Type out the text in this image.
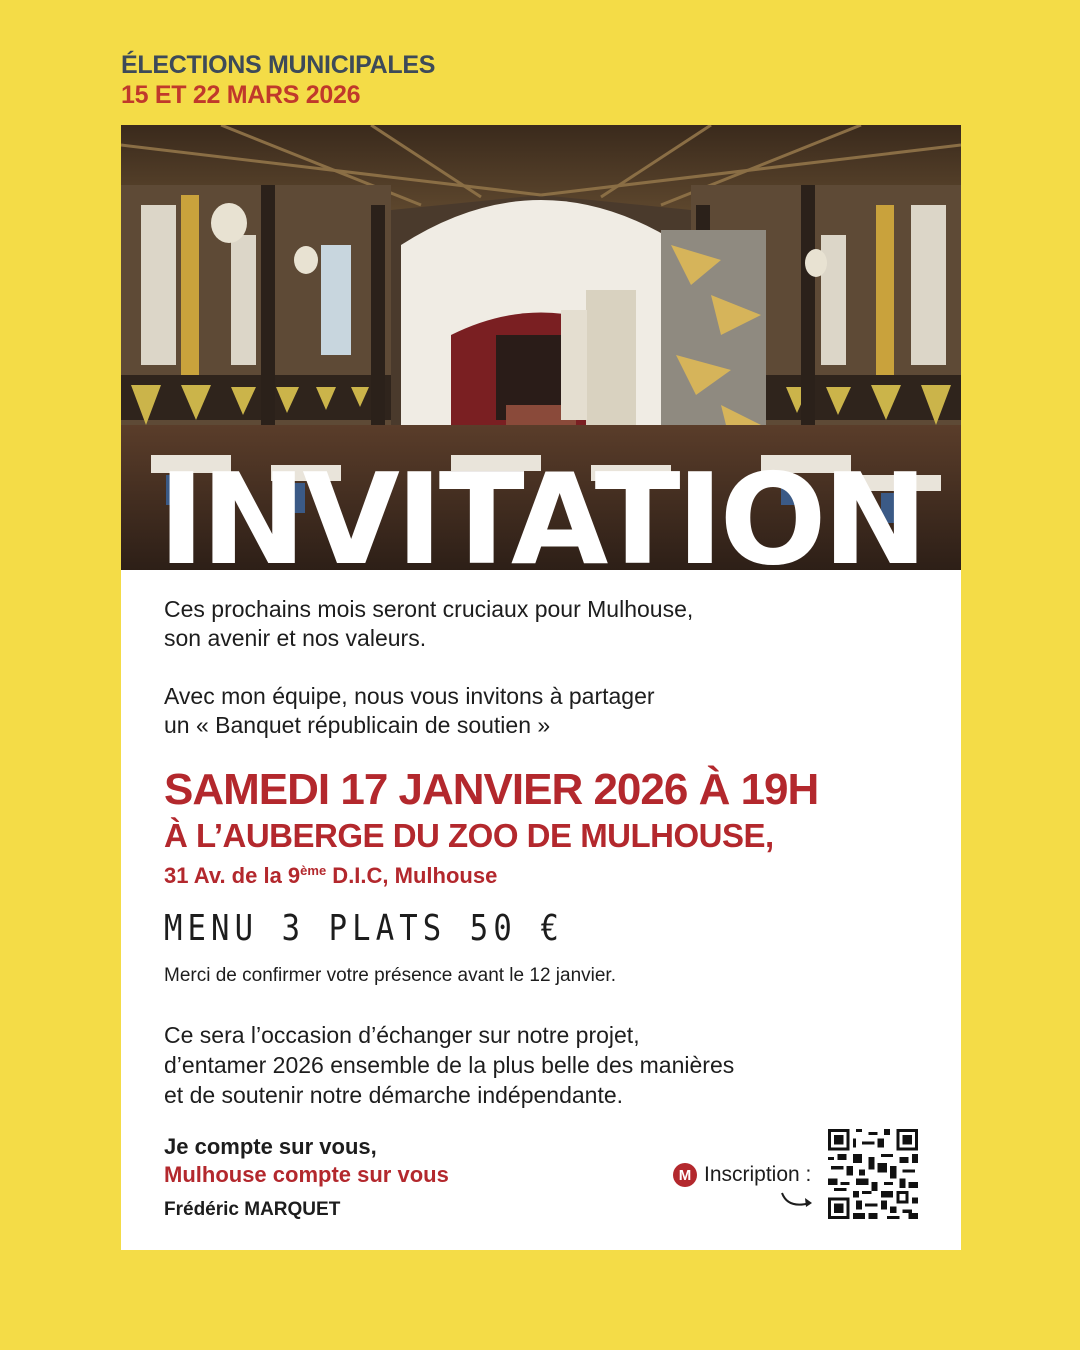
ÉLECTIONS MUNICIPALES
15 ET 22 MARS 2026
INVITATION
Ces prochains mois seront cruciaux pour Mulhouse,
son avenir et nos valeurs.
Avec mon équipe, nous vous invitons à partager
un « Banquet républicain de soutien »
SAMEDI 17 JANVIER 2026 À 19H
À L’AUBERGE DU ZOO DE MULHOUSE,
31 Av. de la 9ème D.I.C, Mulhouse
MENU 3 PLATS 50 €
Merci de confirmer votre présence avant le 12 janvier.
Ce sera l’occasion d’échanger sur notre projet,
d’entamer 2026 ensemble de la plus belle des manières
et de soutenir notre démarche indépendante.
Je compte sur vous,
Mulhouse compte sur vous
Frédéric MARQUET
M Inscription :
